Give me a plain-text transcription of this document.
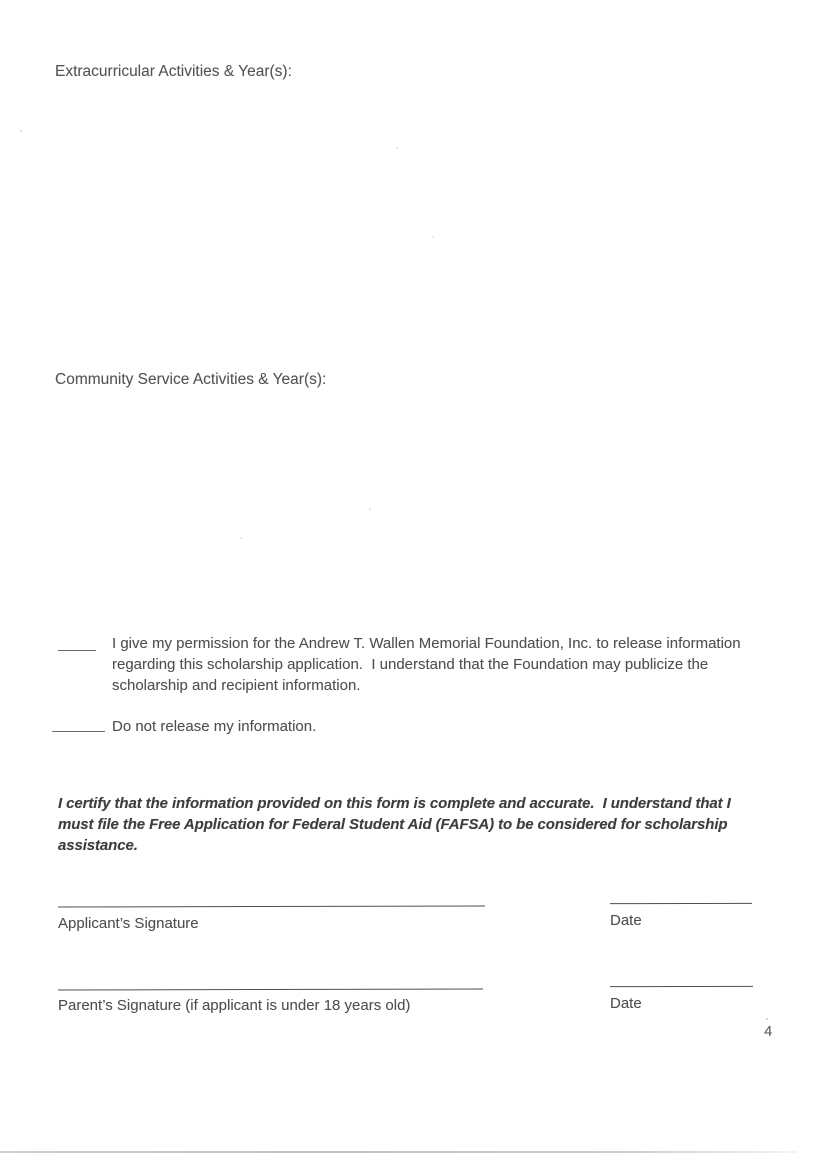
Extracurricular Activities & Year(s):
Community Service Activities & Year(s):
I give my permission for the Andrew T. Wallen Memorial Foundation, Inc. to release information regarding this scholarship application.  I understand that the Foundation may publicize the scholarship and recipient information.
Do not release my information.
I certify that the information provided on this form is complete and accurate.  I understand that I must file the Free Application for Federal Student Aid (FAFSA) to be considered for scholarship assistance.
Applicant’s Signature	Date
Parent’s Signature (if applicant is under 18 years old)	Date
4
